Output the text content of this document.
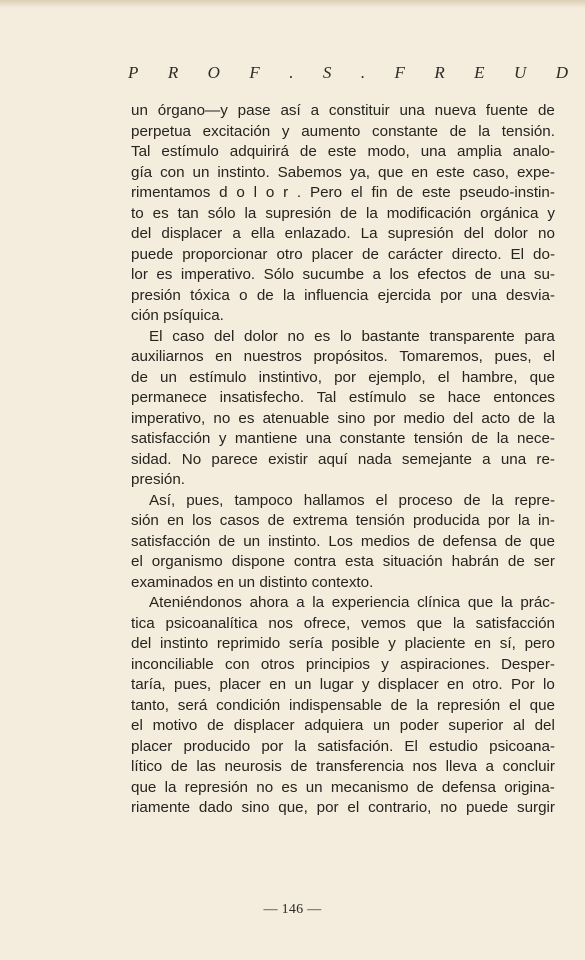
P R O F . S . F R E U D
un órgano—y pase así a constituir una nueva fuente de
perpetua excitación y aumento constante de la tensión.
Tal estímulo adquirirá de este modo, una amplia analo-
gía con un instinto. Sabemos ya, que en este caso, expe-
rimentamos d o l o r . Pero el fin de este pseudo-instin-
to es tan sólo la supresión de la modificación orgánica y
del displacer a ella enlazado. La supresión del dolor no
puede proporcionar otro placer de carácter directo. El do-
lor es imperativo. Sólo sucumbe a los efectos de una su-
presión tóxica o de la influencia ejercida por una desvia-
ción psíquica.
El caso del dolor no es lo bastante transparente para
auxiliarnos en nuestros propósitos. Tomaremos, pues, el
de un estímulo instintivo, por ejemplo, el hambre, que
permanece insatisfecho. Tal estímulo se hace entonces
imperativo, no es atenuable sino por medio del acto de la
satisfacción y mantiene una constante tensión de la nece-
sidad. No parece existir aquí nada semejante a una re-
presión.
Así, pues, tampoco hallamos el proceso de la repre-
sión en los casos de extrema tensión producida por la in-
satisfacción de un instinto. Los medios de defensa de que
el organismo dispone contra esta situación habrán de ser
examinados en un distinto contexto.
Ateniéndonos ahora a la experiencia clínica que la prác-
tica psicoanalítica nos ofrece, vemos que la satisfacción
del instinto reprimido sería posible y placiente en sí, pero
inconciliable con otros principios y aspiraciones. Desper-
taría, pues, placer en un lugar y displacer en otro. Por lo
tanto, será condición indispensable de la represión el que
el motivo de displacer adquiera un poder superior al del
placer producido por la satisfación. El estudio psicoana-
lítico de las neurosis de transferencia nos lleva a concluir
que la represión no es un mecanismo de defensa origina-
riamente dado sino que, por el contrario, no puede surgir
— 146 —
